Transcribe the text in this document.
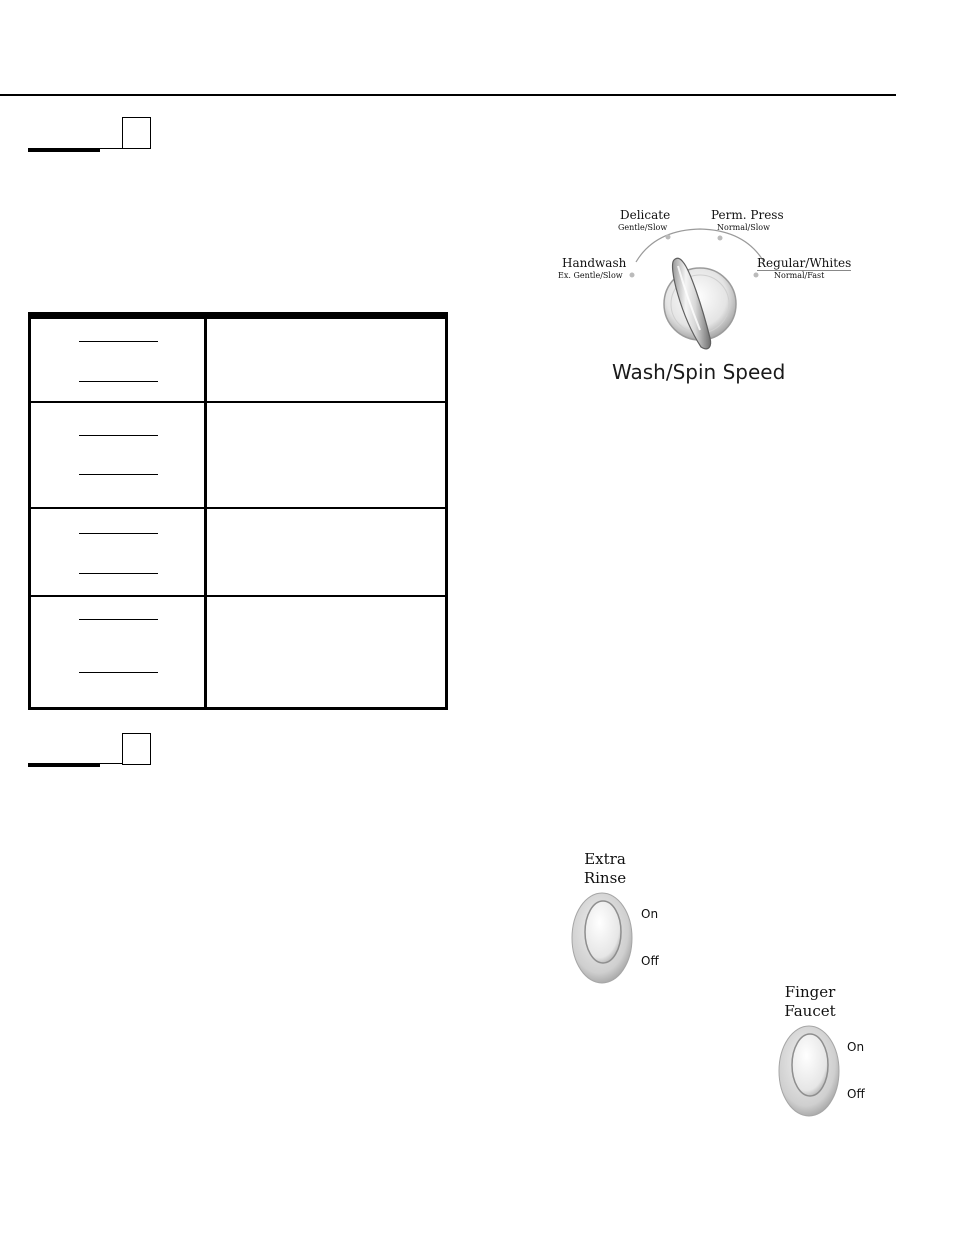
Handwash
Ex. Gentle/Slow
Delicate
Gentle/Slow
Perm. Press
Normal/Slow
Regular/Whites
Normal/Fast
Wash/Spin Speed
Extra
Rinse
On
Off
Finger
Faucet
On
Off
